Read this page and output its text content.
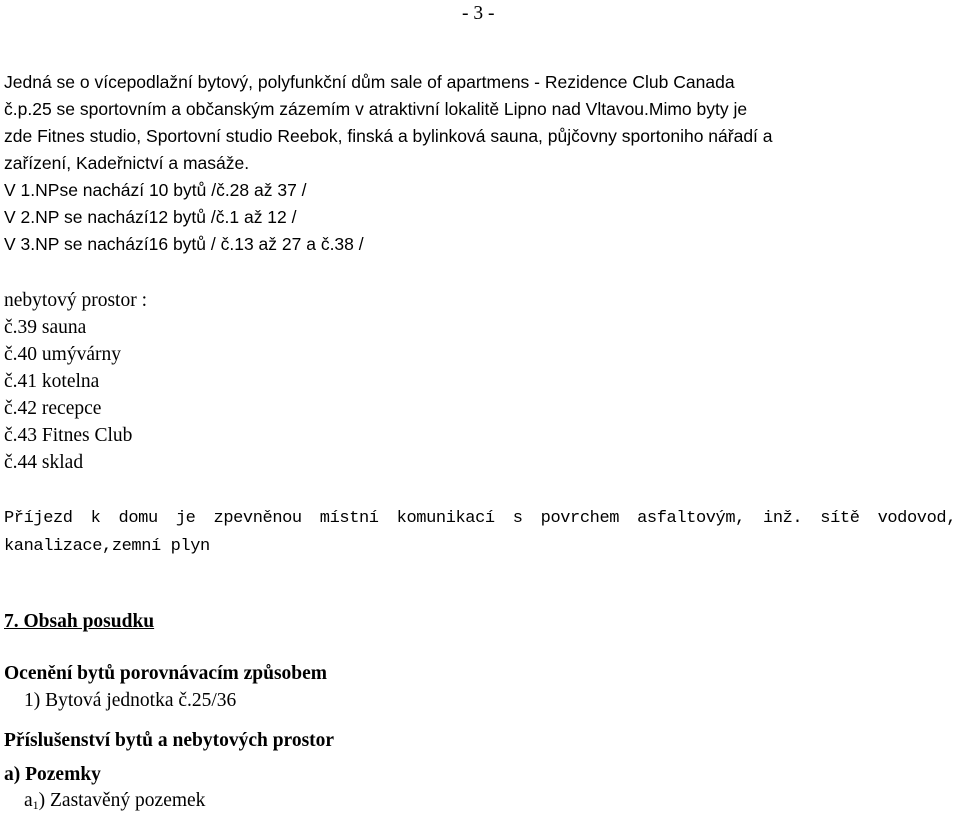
- 3 -
Jedná se o vícepodlažní bytový, polyfunkční dům sale of apartmens - Rezidence Club Canada
č.p.25 se sportovním a občanským zázemím v atraktivní lokalitě Lipno nad Vltavou.Mimo byty je
zde Fitnes studio, Sportovní studio Reebok, finská a bylinková sauna, půjčovny sportoniho nářadí a
zařízení, Kadeřnictví a masáže.
V 1.NPse nachází 10 bytů /č.28 až 37 /
V 2.NP se nachází12 bytů /č.1 až 12 /
V 3.NP se nachází16 bytů / č.13 až 27 a č.38 /
nebytový prostor :
č.39 sauna
č.40 umývárny
č.41 kotelna
č.42 recepce
č.43 Fitnes Club
č.44 sklad
Příjezd k domu je zpevněnou místní komunikací s povrchem asfaltovým, inž. sítě vodovod,
kanalizace,zemní plyn
7. Obsah posudku
Ocenění bytů porovnávacím způsobem
1) Bytová jednotka č.25/36
Příslušenství bytů a nebytových prostor
a) Pozemky
$a_1$) Zastavěný pozemek
